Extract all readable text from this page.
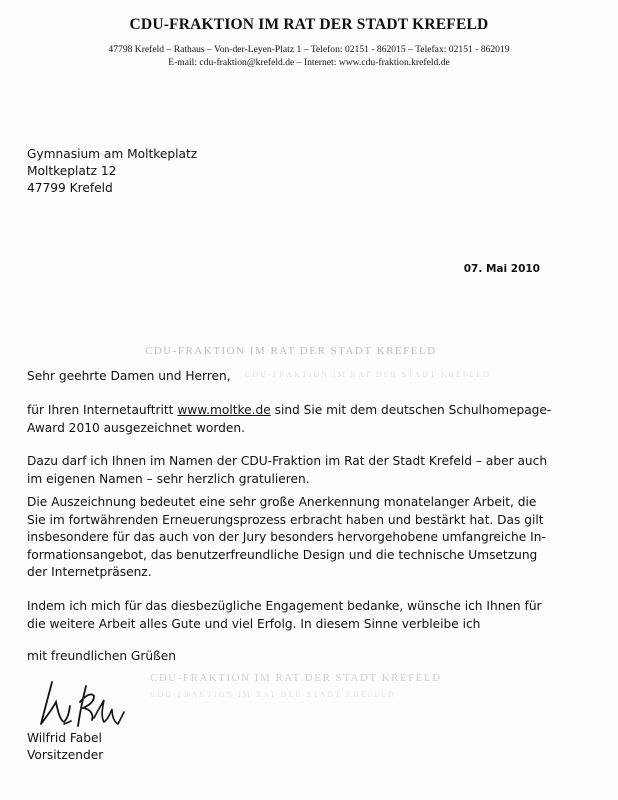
CDU-FRAKTION IM RAT DER STADT KREFELD
47798 Krefeld – Rathaus – Von-der-Leyen-Platz 1 – Telefon: 02151 - 862015 – Telefax: 02151 - 862019
E-mail: cdu-fraktion@krefeld.de – Internet: www.cdu-fraktion.krefeld.de
Gymnasium am Moltkeplatz
Moltkeplatz 12
47799 Krefeld
07. Mai 2010
CDU-FRAKTION IM RAT DER STADT KREFELD
CDU-FRAKTION IM RAT DER STADT KREFELD
Sehr geehrte Damen und Herren,
für Ihren Internetauftritt www.moltke.de sind Sie mit dem deutschen Schulhomepage-
Award 2010 ausgezeichnet worden.
Dazu darf ich Ihnen im Namen der CDU-Fraktion im Rat der Stadt Krefeld – aber auch
im eigenen Namen – sehr herzlich gratulieren.
Die Auszeichnung bedeutet eine sehr große Anerkennung monatelanger Arbeit, die
Sie im fortwährenden Erneuerungsprozess erbracht haben und bestärkt hat. Das gilt
insbesondere für das auch von der Jury besonders hervorgehobene umfangreiche In-
formationsangebot, das benutzerfreundliche Design und die technische Umsetzung
der Internetpräsenz.
Indem ich mich für das diesbezügliche Engagement bedanke, wünsche ich Ihnen für
die weitere Arbeit alles Gute und viel Erfolg. In diesem Sinne verbleibe ich
mit freundlichen Grüßen
CDU-FRAKTION IM RAT DER STADT KREFELD
CDU-FRAKTION IM RAT DER STADT KREFELD
Wilfrid Fabel
Vorsitzender
